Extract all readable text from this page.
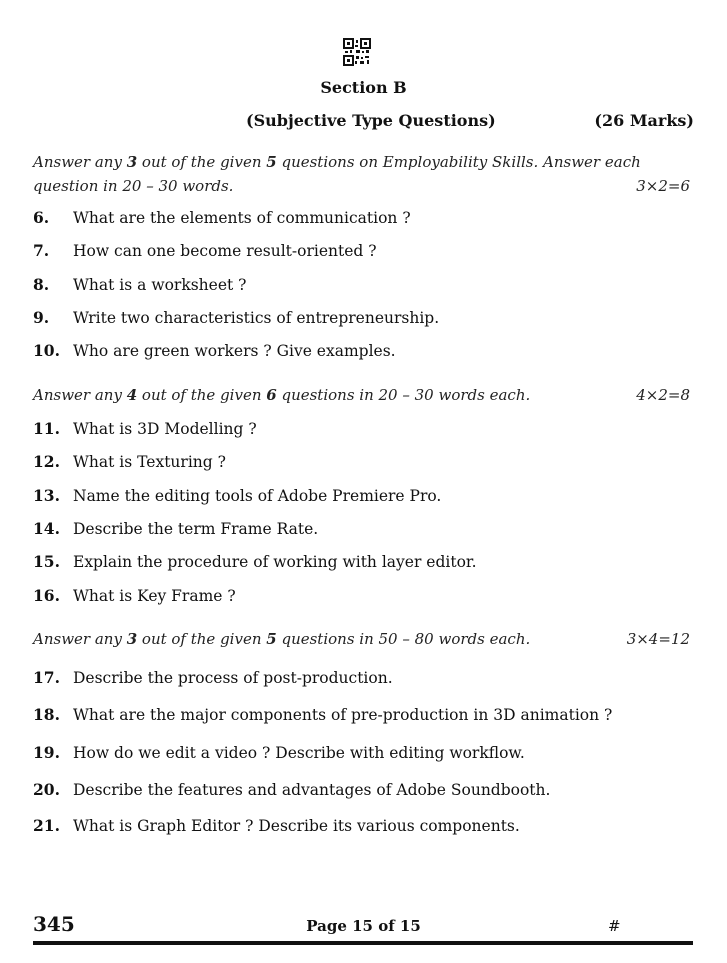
Section B
(Subjective Type Questions)	(26 Marks)
Answer any 3 out of the given 5 questions on Employability Skills. Answer each
question in 20 – 30 words.	3×2=6
6. What are the elements of communication ?
7. How can one become result-oriented ?
8. What is a worksheet ?
9. Write two characteristics of entrepreneurship.
10. Who are green workers ? Give examples.
Answer any 4 out of the given 6 questions in 20 – 30 words each.	4×2=8
11. What is 3D Modelling ?
12. What is Texturing ?
13. Name the editing tools of Adobe Premiere Pro.
14. Describe the term Frame Rate.
15. Explain the procedure of working with layer editor.
16. What is Key Frame ?
Answer any 3 out of the given 5 questions in 50 – 80 words each.	3×4=12
17. Describe the process of post-production.
18. What are the major components of pre-production in 3D animation ?
19. How do we edit a video ? Describe with editing workflow.
20. Describe the features and advantages of Adobe Soundbooth.
21. What is Graph Editor ? Describe its various components.
345	Page 15 of 15	#
